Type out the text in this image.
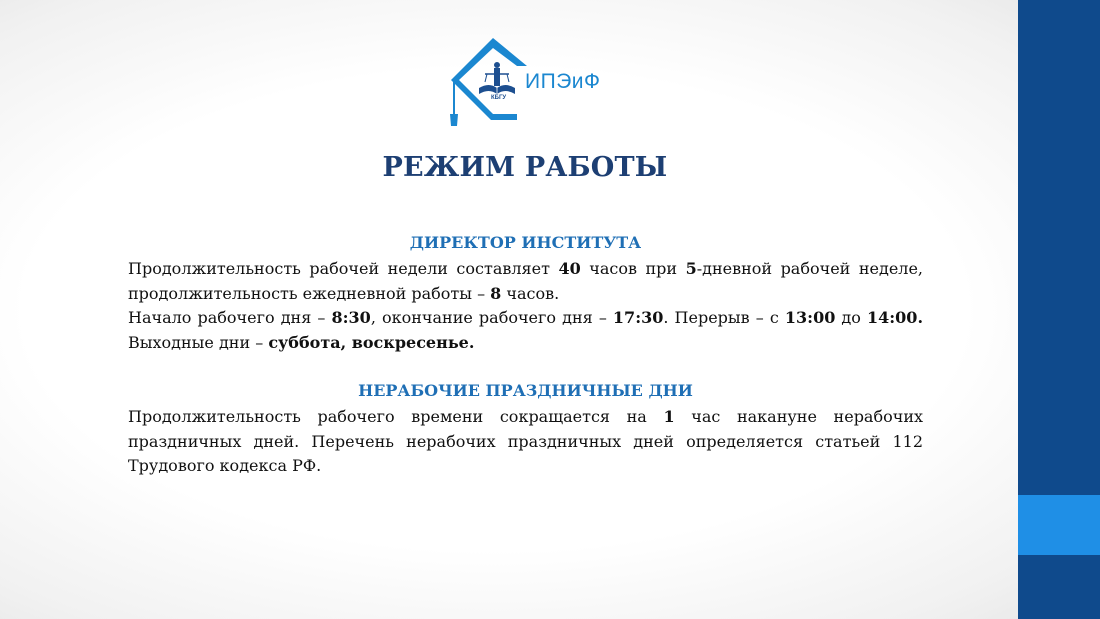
ИПЭиФ
КБГУ
РЕЖИМ РАБОТЫ
ДИРЕКТОР ИНСТИТУТА
Продолжительность рабочей недели составляет 40 часов при 5-дневной рабочей неделе, продолжительность ежедневной работы – 8 часов.
Начало рабочего дня – 8:30, окончание рабочего дня – 17:30. Перерыв – с 13:00 до 14:00. Выходные дни – суббота, воскресенье.
НЕРАБОЧИЕ ПРАЗДНИЧНЫЕ ДНИ
Продолжительность рабочего времени сокращается на 1 час накануне нерабочих праздничных дней. Перечень нерабочих праздничных дней определяется статьей 112 Трудового кодекса РФ.
